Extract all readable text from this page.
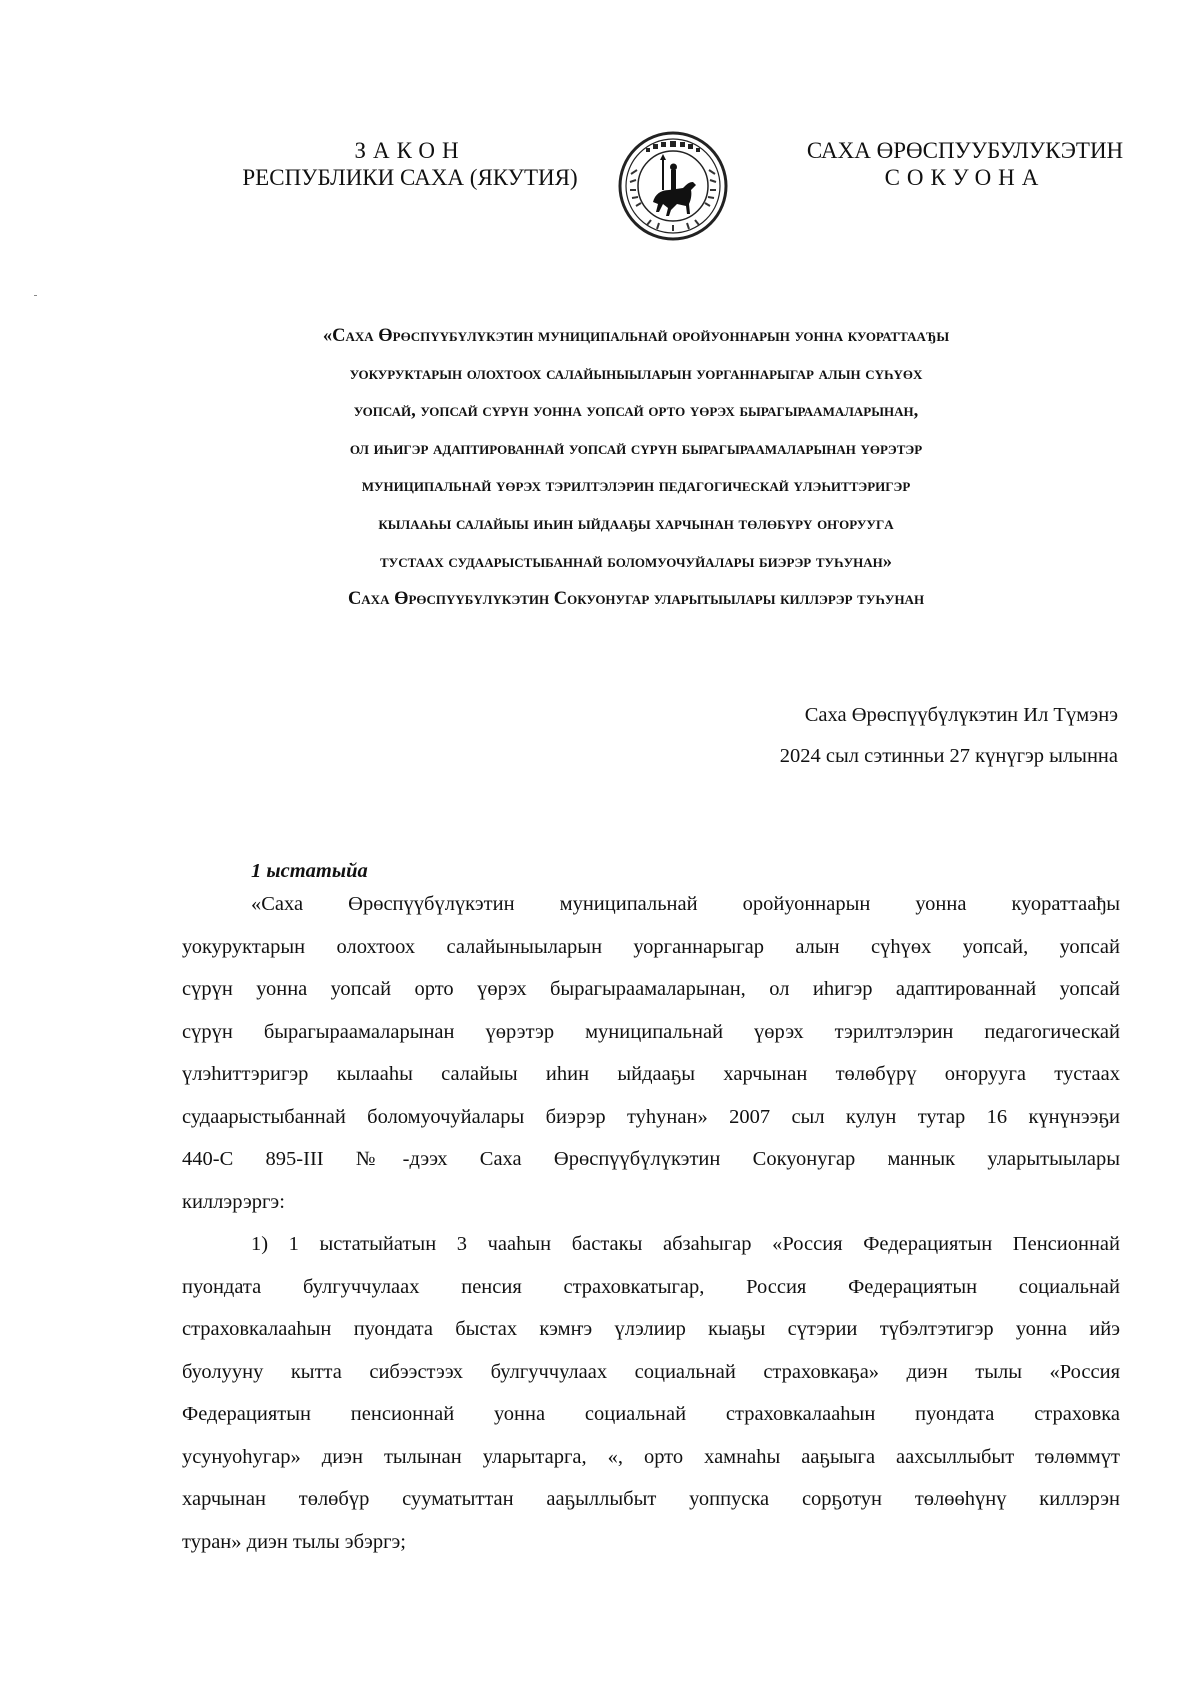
ЗАКОН
РЕСПУБЛИКИ САХА (ЯКУТИЯ)
САХА ӨРӨСПУУБУЛУКЭТИН
СОКУОНА
«Саха Өрөспүүбүлүкэтин муниципальнай оройуоннарын уонна куораттаађы
уокуруктарын олохтоох салайыныыларын уорганнарыгар алын сүһүөх
уопсай, уопсай сүрүн уонна уопсай орто үөрэх бырагыраамаларынан,
ол иһигэр адаптированнай уопсай сүрүн бырагыраамаларынан үөрэтэр
муниципальнай үөрэх тэрилтэлэрин педагогическай үлэһиттэригэр
кылааһы салайыы иһин ыйдааҕы харчынан төлөбүрү оҥоруугa
тустаах судаарыстыбаннай боломуочуйалары биэрэр туһунан»
Саха Өрөспүүбүлүкэтин Сокуонугар уларытыылары киллэрэр туһунан
Саха Өрөспүүбүлүкэтин Ил Түмэнэ
2024 сыл сэтинньи 27 күнүгэр ылынна
1 ыстатыйа
«Саха Өрөспүүбүлүкэтин муниципальнай оройуоннарын уонна куораттаађы
уокуруктарын олохтоох салайыныыларын уорганнарыгар алын сүһүөх уопсай, уопсай
сүрүн уонна уопсай орто үөрэх бырагыраамаларынан, ол иһигэр адаптированнай уопсай
сүрүн бырагыраамаларынан үөрэтэр муниципальнай үөрэх тэрилтэлэрин педагогическай
үлэһиттэригэр кылааһы салайыы иһин ыйдааҕы харчынан төлөбүрү оҥоруугa тустаах
судаарыстыбаннай боломуочуйалары биэрэр туһунан» 2007 сыл кулун тутар 16 күнүнээҕи
440-С 895-III №-дээх Саха Өрөспүүбүлүкэтин Сокуонугар маннык уларытыылары
киллэрэргэ:
1) 1 ыстатыйатын 3 чааһын бастакы абзаһыгар «Россия Федерациятын Пенсионнай
пуондата булгуччулаах пенсия страховкатыгар, Россия Федерациятын социальнай
страховкалааһын пуондата быстах кэмҥэ үлэлиир кыаҕы сүтэрии түбэлтэтигэр уонна ийэ
буолууну кытта сибээстээх булгуччулаах социальнай страховкаҕа» диэн тылы «Россия
Федерациятын пенсионнай уонна социальнай страховкалааһын пуондата страховка
усунуоһугар» диэн тылынан уларытарга, «, орто хамнаһы ааҕыыга аахсыллыбыт төлөммүт
харчынан төлөбүр сууматыттан ааҕыллыбыт уоппуска сорҕотун төлөөһүнү киллэрэн
туран» диэн тылы эбэргэ;
